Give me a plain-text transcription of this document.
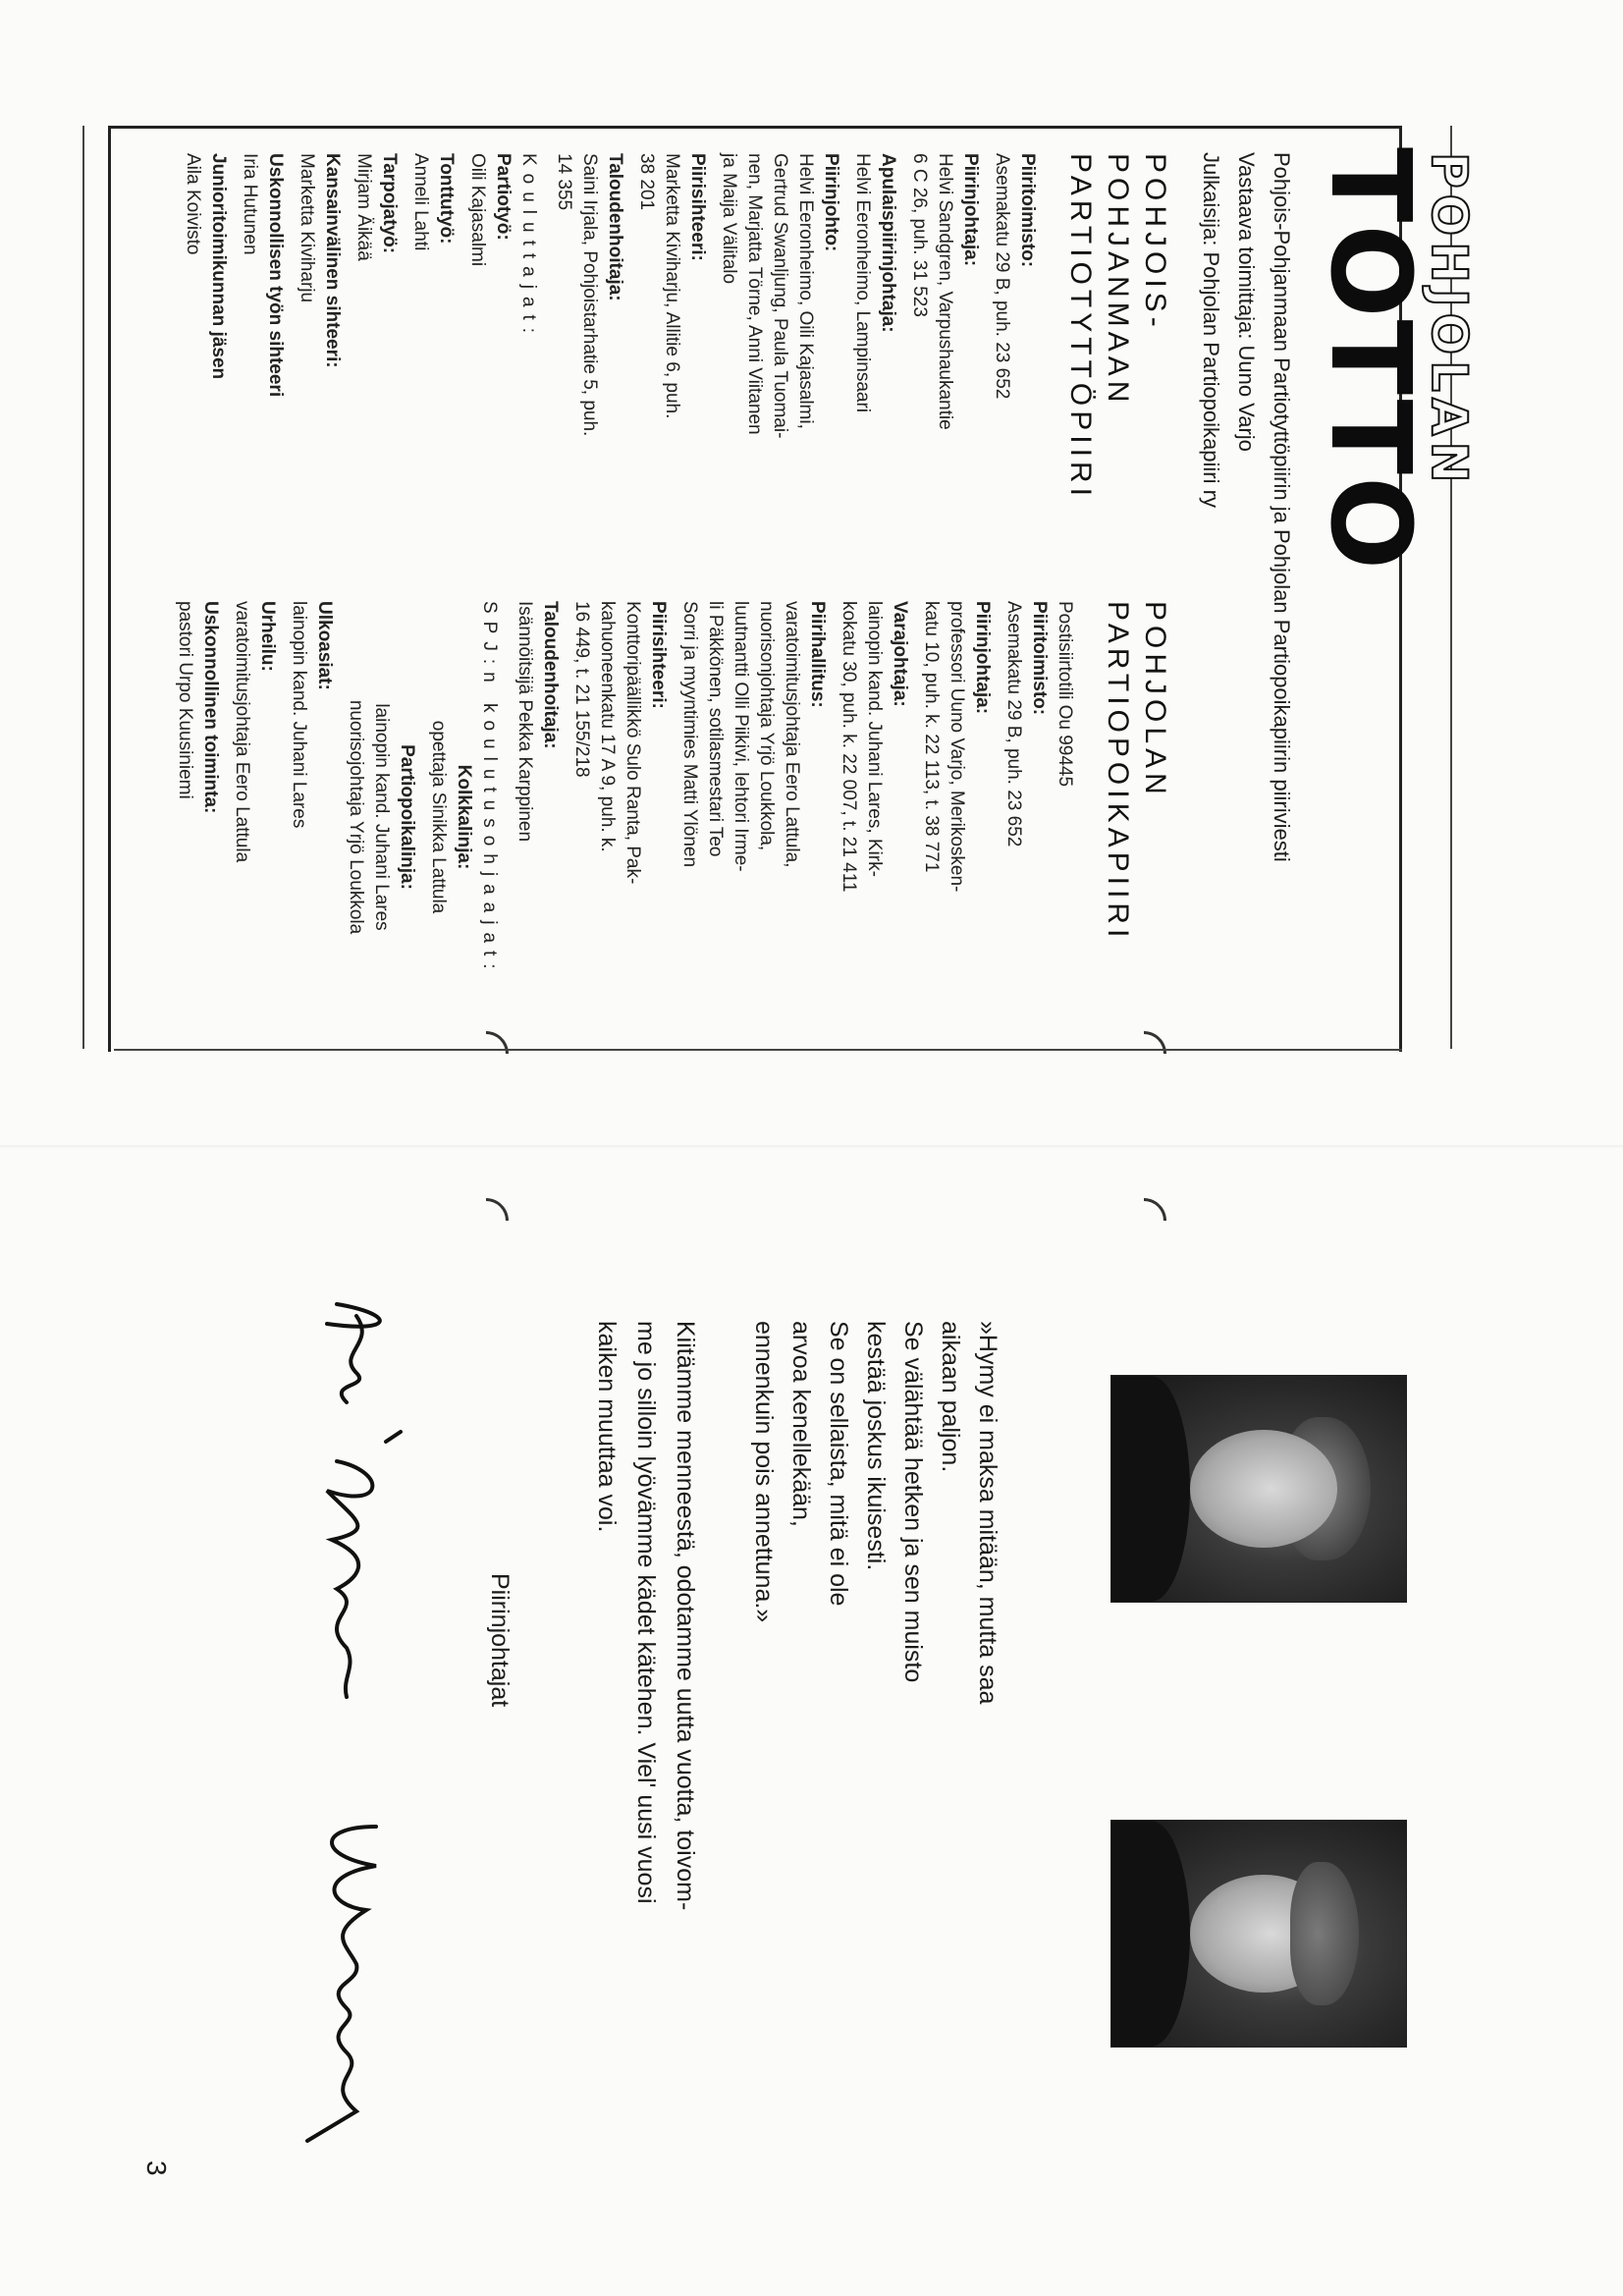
POHJOLAN
TOTTO
Pohjois-Pohjanmaan Partiotyttöpiirin ja Pohjolan Partiopoikapiirin piiriviesti
Vastaava toimittaja: Uuno Varjo
Julkaisija: Pohjolan Partiopoikapiiri ry
POHJOIS-
POHJANMAAN
PARTIOTYTTÖPIIRI
Piiritoimisto:
Asemakatu 29 B, puh. 23 652
Piirinjohtaja:
Helvi Sandgren, Varpushaukantie
6 C 26, puh. 31 523
Apulaispiirinjohtaja:
Helvi Eeronheimo, Lampinsaari
Piirinjohto:
Helvi Eeronheimo, Oili Kajasalmi,
Gertrud Swanljung, Paula Tuomai-
nen, Marjatta Törne, Anni Viitanen
ja Maija Välitalo
Piirisihteeri:
Marketta Kiviharju, Allitie 6, puh.
38 201
Taloudenhoitaja:
Saini Irjala, Pohjoistarhatie 5, puh.
14 355
Kouluttajat:
Partiotyö:
Oili Kajasalmi
Tonttutyö:
Anneli Lahti
Tarpojatyö:
Mirjam Äikää
Kansainvälinen sihteeri:
Marketta Kiviharju
Uskonnollisen työn sihteeri
Iria Hutunen
Junioritoimikunnan jäsen
Aila Koivisto
POHJOLAN
PARTIOPOIKAPIIRI
Postisiirtotili Ou 99445
Piiritoimisto:
Asemakatu 29 B, puh. 23 652
Piirinjohtaja:
professori Uuno Varjo, Merikosken-
katu 10, puh. k. 22 113, t. 38 771
Varajohtaja:
lainopin kand. Juhani Lares, Kirk-
kokatu 30, puh. k. 22 007, t. 21 411
Piirihallitus:
varatoimitusjohtaja Eero Lattula,
nuorisonjohtaja Yrjö Loukkola,
luutnantti Olli Piikivi, lehtori Irme-
li Päkkönen, sotilasmestari Teo
Sorri ja myyntimies Matti Ylönen
Piirisihteeri:
Konttoripäällikkö Sulo Ranta, Pak-
kahuoneenkatu 17 A 9, puh. k.
16 449, t. 21 155/218
Taloudenhoitaja:
Isännöitsijä Pekka Karppinen
SPJ:n koulutusohjaajat:
Kolkkalinja:
opettaja Sinikka Lattula
Partiopoikalinja:
lainopin kand. Juhani Lares
nuorisojohtaja Yrjö Loukkola
Ulkoasiat:
lainopin kand. Juhani Lares
Urheilu:
varatoimitusjohtaja Eero Lattula
Uskonnollinen toiminta:
pastori Urpo Kuusiniemi
»Hymy ei maksa mitään, mutta saa
aikaan paljon.
Se välähtää hetken ja sen muisto
kestää joskus ikuisesti.
Se on sellaista, mitä ei ole
arvoa kenellekään,
ennenkuin pois annettuna.»
Kiitämme menneestä, odotamme uutta vuotta, toivom-
me jo silloin lyövämme kädet kätehen. Viel' uusi vuosi
kaiken muuttaa voi.
Piirinjohtajat
3
